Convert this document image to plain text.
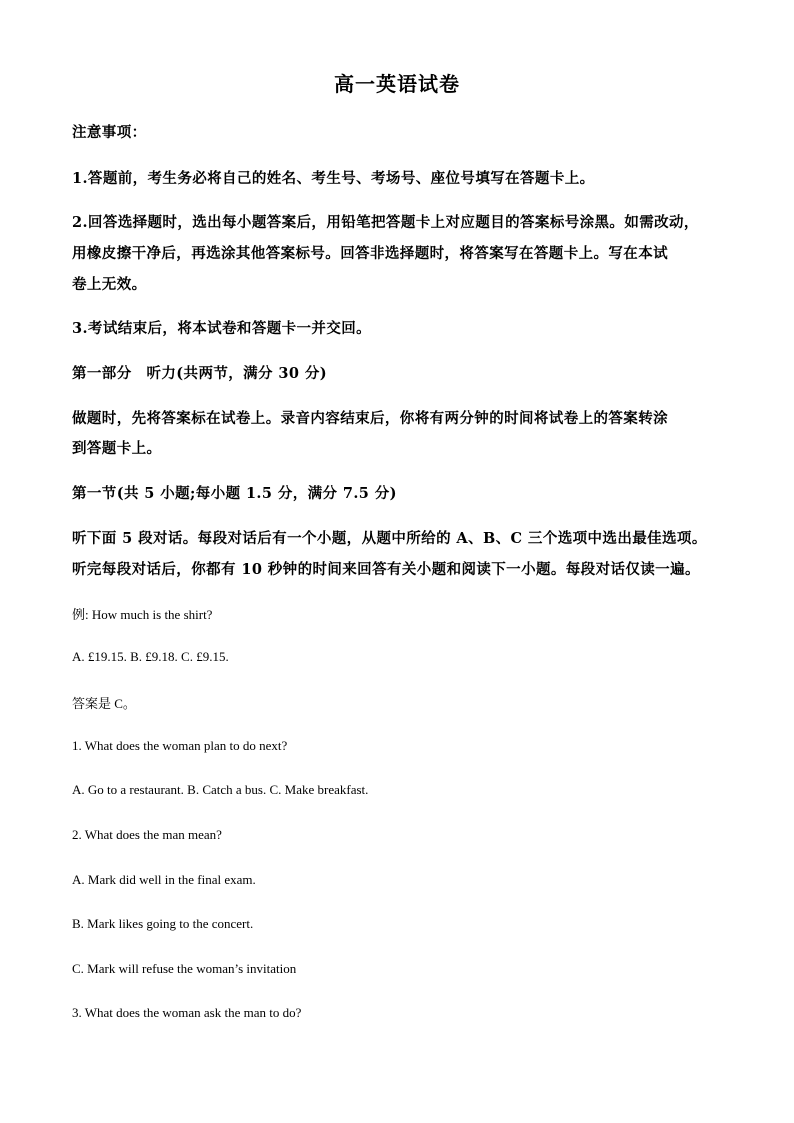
高一英语试卷
注意事项：
1.答题前，考生务必将自己的姓名、考生号、考场号、座位号填写在答题卡上。
2.回答选择题时，选出每小题答案后，用铅笔把答题卡上对应题目的答案标号涂黑。如需改动，
用橡皮擦干净后，再选涂其他答案标号。回答非选择题时，将答案写在答题卡上。写在本试
卷上无效。
3.考试结束后，将本试卷和答题卡一并交回。
第一部分　听力(共两节，满分 30 分)
做题时，先将答案标在试卷上。录音内容结束后，你将有两分钟的时间将试卷上的答案转涂
到答题卡上。
第一节(共 5 小题;每小题 1.5 分，满分 7.5 分)
听下面 5 段对话。每段对话后有一个小题，从题中所给的 A、B、C 三个选项中选出最佳选项。
听完每段对话后，你都有 10 秒钟的时间来回答有关小题和阅读下一小题。每段对话仅读一遍。
例: How much is the shirt?
A. £19.15. B. £9.18. C. £9.15.
答案是 C。
1. What does the woman plan to do next?
A. Go to a restaurant. B. Catch a bus. C. Make breakfast.
2. What does the man mean?
A. Mark did well in the final exam.
B. Mark likes going to the concert.
C. Mark will refuse the woman’s invitation
3. What does the woman ask the man to do?
